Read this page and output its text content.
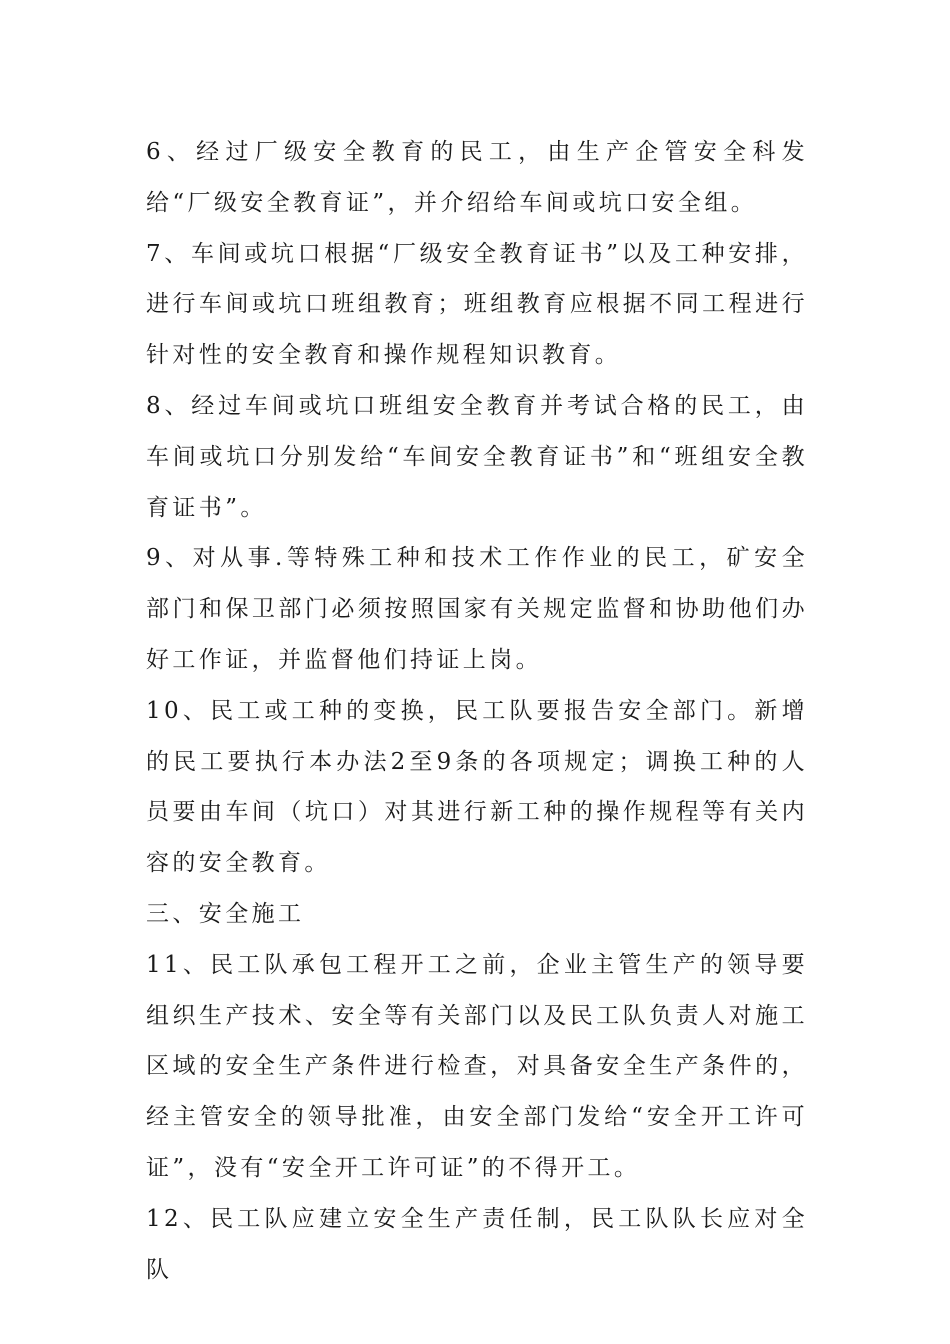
6、经过厂级安全教育的民工，由生产企管安全科发给“厂级安全教育证”，并介绍给车间或坑口安全组。

7、车间或坑口根据“厂级安全教育证书”以及工种安排，进行车间或坑口班组教育；班组教育应根据不同工程进行针对性的安全教育和操作规程知识教育。

8、经过车间或坑口班组安全教育并考试合格的民工，由车间或坑口分别发给“车间安全教育证书”和“班组安全教育证书”。

9、对从事.等特殊工种和技术工作作业的民工，矿安全部门和保卫部门必须按照国家有关规定监督和协助他们办好工作证，并监督他们持证上岗。

10、民工或工种的变换，民工队要报告安全部门。新增的民工要执行本办法2至9条的各项规定；调换工种的人员要由车间（坑口）对其进行新工种的操作规程等有关内容的安全教育。

三、安全施工

11、民工队承包工程开工之前，企业主管生产的领导要组织生产技术、安全等有关部门以及民工队负责人对施工区域的安全生产条件进行检查，对具备安全生产条件的，经主管安全的领导批准，由安全部门发给“安全开工许可证”，没有“安全开工许可证”的不得开工。

12、民工队应建立安全生产责任制，民工队队长应对全队
